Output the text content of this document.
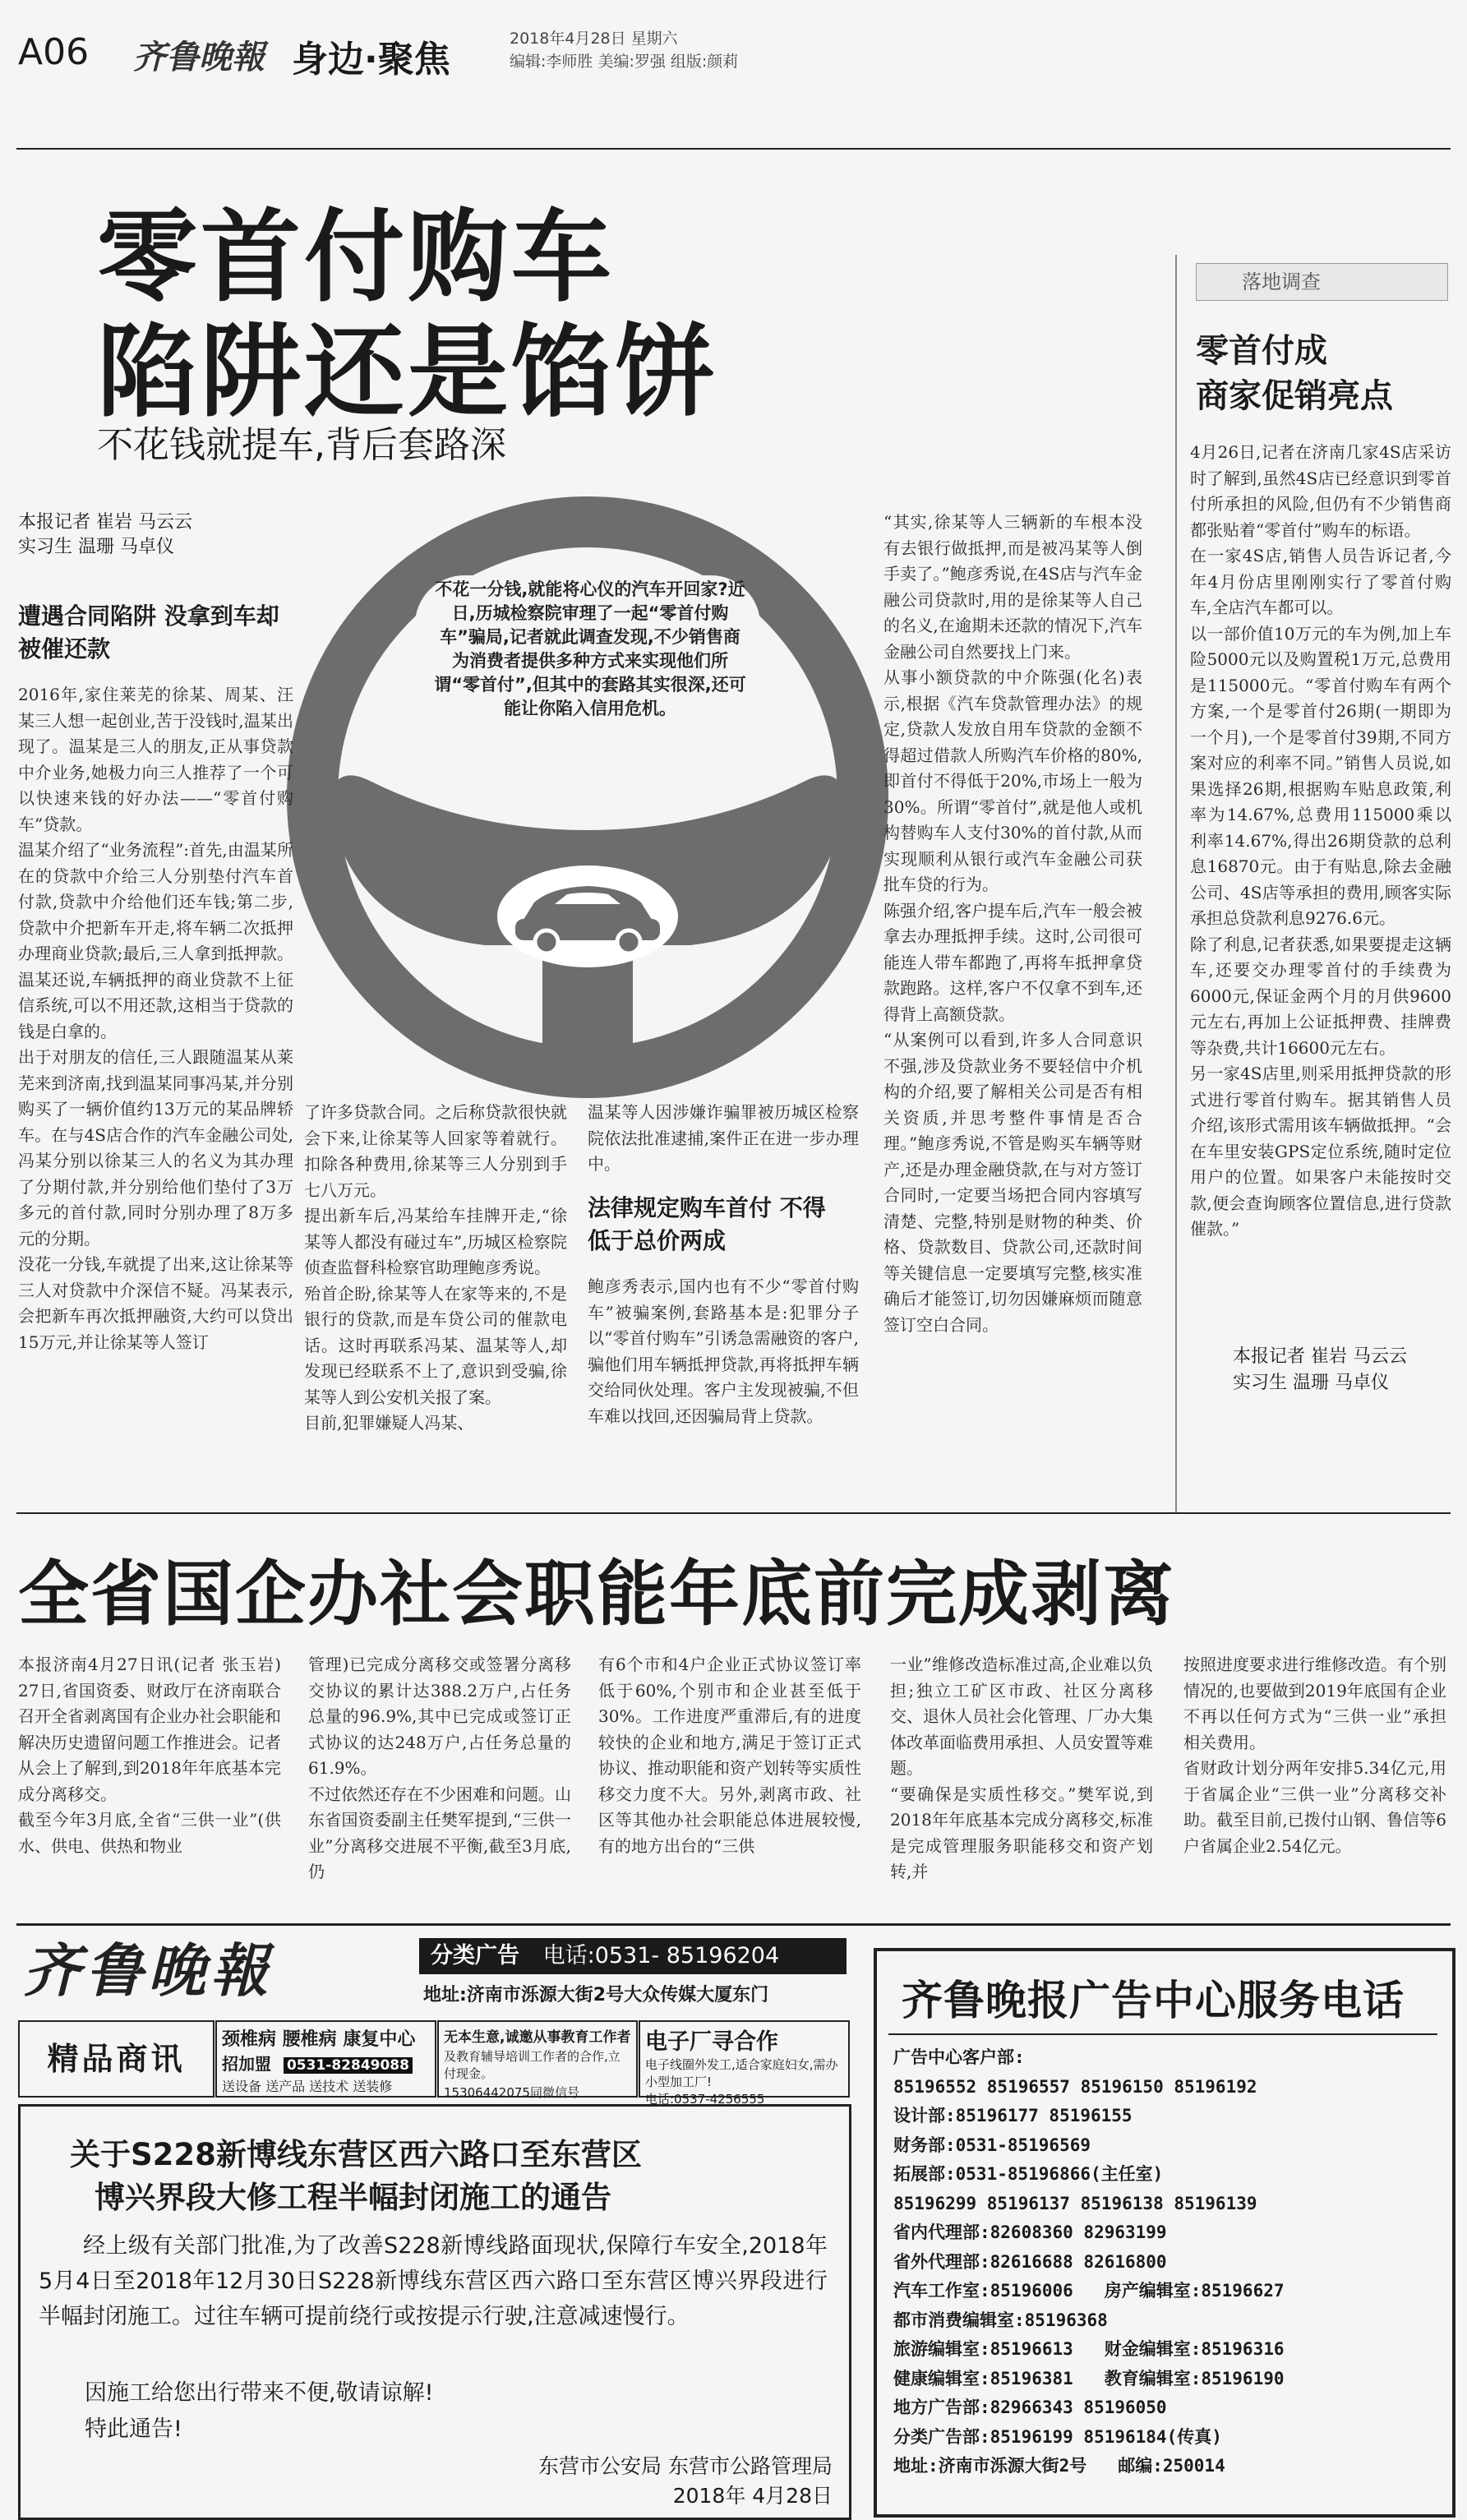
A06 齐鲁晚報 身边·聚焦	2018年4月28日 星期六
编辑:李师胜 美编:罗强 组版:颜莉
零首付购车
陷阱还是馅饼
不花钱就提车,背后套路深
本报记者 崔岩 马云云
实习生 温珊 马卓仪
遭遇合同陷阱 没拿到车却被催还款
不花一分钱,就能将心仪的汽车开回家?近日,历城检察院审理了一起“零首付购车”骗局,记者就此调查发现,不少销售商为消费者提供多种方式来实现他们所谓“零首付”,但其中的套路其实很深,还可能让你陷入信用危机。
2016年,家住莱芜的徐某、周某、汪某三人想一起创业,苦于没钱时,温某出现了。温某是三人的朋友,正从事贷款中介业务,她极力向三人推荐了一个可以快速来钱的好办法——“零首付购车”贷款。
温某介绍了“业务流程”:首先,由温某所在的贷款中介给三人分别垫付汽车首付款,贷款中介给他们还车钱;第二步,贷款中介把新车开走,将车辆二次抵押办理商业贷款;最后,三人拿到抵押款。温某还说,车辆抵押的商业贷款不上征信系统,可以不用还款,这相当于贷款的钱是白拿的。
出于对朋友的信任,三人跟随温某从莱芜来到济南,找到温某同事冯某,并分别购买了一辆价值约13万元的某品牌轿车。在与4S店合作的汽车金融公司处,冯某分别以徐某三人的名义为其办理了分期付款,并分别给他们垫付了3万多元的首付款,同时分别办理了8万多元的分期。
没花一分钱,车就提了出来,这让徐某等三人对贷款中介深信不疑。冯某表示,会把新车再次抵押融资,大约可以贷出15万元,并让徐某等人签订
了许多贷款合同。之后称贷款很快就会下来,让徐某等人回家等着就行。扣除各种费用,徐某等三人分别到手七八万元。
提出新车后,冯某给车挂牌开走,“徐某等人都没有碰过车”,历城区检察院侦查监督科检察官助理鲍彦秀说。
殆首企盼,徐某等人在家等来的,不是银行的贷款,而是车贷公司的催款电话。这时再联系冯某、温某等人,却发现已经联系不上了,意识到受骗,徐某等人到公安机关报了案。
目前,犯罪嫌疑人冯某、
温某等人因涉嫌诈骗罪被历城区检察院依法批准逮捕,案件正在进一步办理中。
法律规定购车首付 不得低于总价两成
鲍彦秀表示,国内也有不少“零首付购车”被骗案例,套路基本是:犯罪分子以“零首付购车”引诱急需融资的客户,骗他们用车辆抵押贷款,再将抵押车辆交给同伙处理。客户主发现被骗,不但车难以找回,还因骗局背上贷款。
“其实,徐某等人三辆新的车根本没有去银行做抵押,而是被冯某等人倒手卖了。”鲍彦秀说,在4S店与汽车金融公司贷款时,用的是徐某等人自己的名义,在逾期未还款的情况下,汽车金融公司自然要找上门来。
从事小额贷款的中介陈强(化名)表示,根据《汽车贷款管理办法》的规定,贷款人发放自用车贷款的金额不得超过借款人所购汽车价格的80%,即首付不得低于20%,市场上一般为30%。所谓“零首付”,就是他人或机构替购车人支付30%的首付款,从而实现顺利从银行或汽车金融公司获批车贷的行为。
陈强介绍,客户提车后,汽车一般会被拿去办理抵押手续。这时,公司很可能连人带车都跑了,再将车抵押拿贷款跑路。这样,客户不仅拿不到车,还得背上高额贷款。
“从案例可以看到,许多人合同意识不强,涉及贷款业务不要轻信中介机构的介绍,要了解相关公司是否有相关资质,并思考整件事情是否合理。”鲍彦秀说,不管是购买车辆等财产,还是办理金融贷款,在与对方签订合同时,一定要当场把合同内容填写清楚、完整,特别是财物的种类、价格、贷款数目、贷款公司,还款时间等关键信息一定要填写完整,核实准确后才能签订,切勿因嫌麻烦而随意签订空白合同。
落地调查
零首付成
商家促销亮点
4月26日,记者在济南几家4S店采访时了解到,虽然4S店已经意识到零首付所承担的风险,但仍有不少销售商都张贴着“零首付”购车的标语。
在一家4S店,销售人员告诉记者,今年4月份店里刚刚实行了零首付购车,全店汽车都可以。
以一部价值10万元的车为例,加上车险5000元以及购置税1万元,总费用是115000元。“零首付购车有两个方案,一个是零首付26期(一期即为一个月),一个是零首付39期,不同方案对应的利率不同。”销售人员说,如果选择26期,根据购车贴息政策,利率为14.67%,总费用115000乘以利率14.67%,得出26期贷款的总利息16870元。由于有贴息,除去金融公司、4S店等承担的费用,顾客实际承担总贷款利息9276.6元。
除了利息,记者获悉,如果要提走这辆车,还要交办理零首付的手续费为6000元,保证金两个月的月供9600元左右,再加上公证抵押费、挂牌费等杂费,共计16600元左右。
另一家4S店里,则采用抵押贷款的形式进行零首付购车。据其销售人员介绍,该形式需用该车辆做抵押。“会在车里安装GPS定位系统,随时定位用户的位置。如果客户未能按时交款,便会查询顾客位置信息,进行贷款催款。”
本报记者 崔岩 马云云
实习生 温珊 马卓仪
全省国企办社会职能年底前完成剥离
本报济南4月27日讯(记者 张玉岩) 27日,省国资委、财政厅在济南联合召开全省剥离国有企业办社会职能和解决历史遗留问题工作推进会。记者从会上了解到,到2018年年底基本完成分离移交。
截至今年3月底,全省“三供一业”(供水、供电、供热和物业
管理)已完成分离移交或签署分离移交协议的累计达388.2万户,占任务总量的96.9%,其中已完成或签订正式协议的达248万户,占任务总量的61.9%。
不过依然还存在不少困难和问题。山东省国资委副主任樊军提到,“三供一业”分离移交进展不平衡,截至3月底,仍
有6个市和4户企业正式协议签订率低于60%,个别市和企业甚至低于30%。工作进度严重滞后,有的进度较快的企业和地方,满足于签订正式协议、推动职能和资产划转等实质性移交力度不大。另外,剥离市政、社区等其他办社会职能总体进展较慢,有的地方出台的“三供
一业”维修改造标准过高,企业难以负担;独立工矿区市政、社区分离移交、退休人员社会化管理、厂办大集体改革面临费用承担、人员安置等难题。
“要确保是实质性移交。”樊军说,到2018年年底基本完成分离移交,标准是完成管理服务职能移交和资产划转,并
按照进度要求进行维修改造。有个别情况的,也要做到2019年底国有企业不再以任何方式为“三供一业”承担相关费用。
省财政计划分两年安排5.34亿元,用于省属企业“三供一业”分离移交补助。截至目前,已拨付山钢、鲁信等6户省属企业2.54亿元。
齐鲁晚報	分类广告 电话:0531- 85196204
地址:济南市泺源大街2号大众传媒大厦东门
精品商讯
颈椎病 腰椎病 康复中心
招加盟 0531-82849088
送设备 送产品 送技术 送装修
无本生意,诚邀从事教育工作者
及教育辅导培训工作者的合作,立付现金。
15306442075同微信号
电子厂寻合作
电子线圈外发工,适合家庭妇女,需办小型加工厂!
电话:0537-4256555
关于S228新博线东营区西六路口至东营区
博兴界段大修工程半幅封闭施工的通告
经上级有关部门批准,为了改善S228新博线路面现状,保障行车安全,2018年5月4日至2018年12月30日S228新博线东营区西六路口至东营区博兴界段进行半幅封闭施工。过往车辆可提前绕行或按提示行驶,注意减速慢行。
因施工给您出行带来不便,敬请谅解!
特此通告!
东营市公安局 东营市公路管理局
2018年 4月28日
齐鲁晚报广告中心服务电话
广告中心客户部:
85196552 85196557 85196150 85196192
设计部:85196177 85196155
财务部:0531-85196569
拓展部:0531-85196866(主任室)
85196299 85196137 85196138 85196139
省内代理部:82608360 82963199
省外代理部:82616688 82616800
汽车工作室:85196006   房产编辑室:85196627
都市消费编辑室:85196368
旅游编辑室:85196613   财金编辑室:85196316
健康编辑室:85196381   教育编辑室:85196190
地方广告部:82966343 85196050
分类广告部:85196199 85196184(传真)
地址:济南市泺源大街2号   邮编:250014
